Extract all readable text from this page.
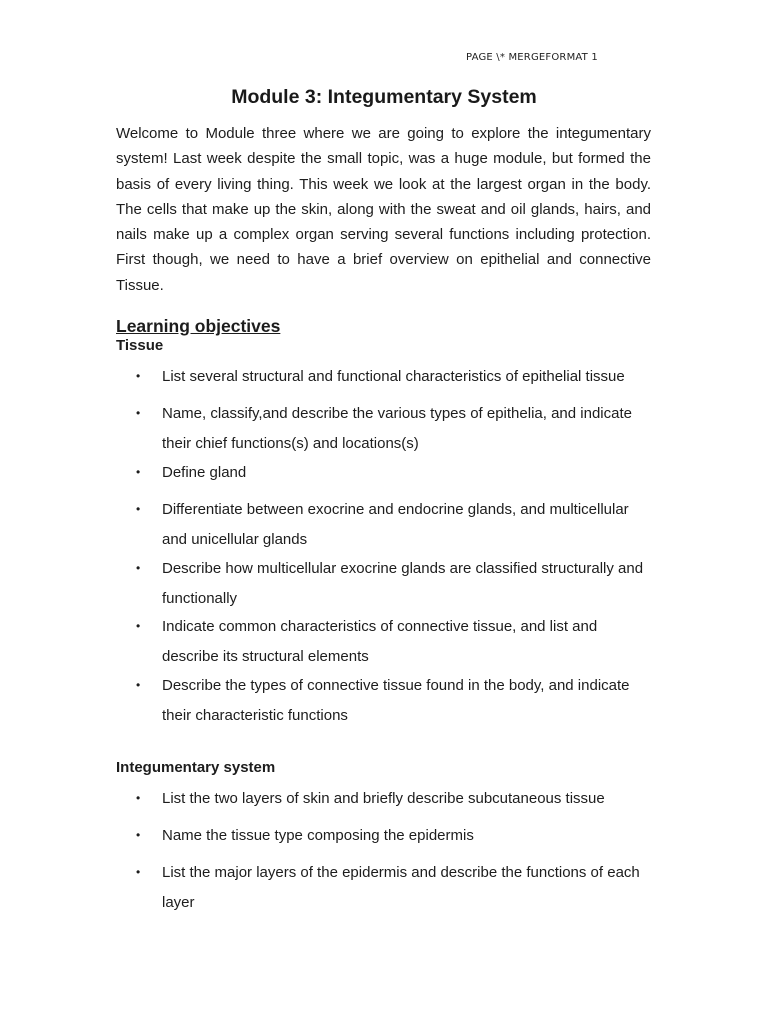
PAGE \* MERGEFORMAT 1
Module 3: Integumentary System

Welcome to Module three where we are going to explore the integumentary system! Last week despite the small topic, was a huge module, but formed the basis of every living thing. This week we look at the largest organ in the body. The cells that make up the skin, along with the sweat and oil glands, hairs, and nails make up a complex organ serving several functions including protection. First though, we need to have a brief overview on epithelial and connective Tissue.

Learning objectives
Tissue
• List several structural and functional characteristics of epithelial tissue
• Name, classify,and describe the various types of epithelia, and indicate their chief functions(s) and locations(s)
• Define gland
• Differentiate between exocrine and endocrine glands, and multicellular and unicellular glands
• Describe how multicellular exocrine glands are classified structurally and functionally
• Indicate common characteristics of connective tissue, and list and describe its structural elements
• Describe the types of connective tissue found in the body, and indicate their characteristic functions
Integumentary system
• List the two layers of skin and briefly describe subcutaneous tissue
• Name the tissue type composing the epidermis
• List the major layers of the epidermis and describe the functions of each layer
